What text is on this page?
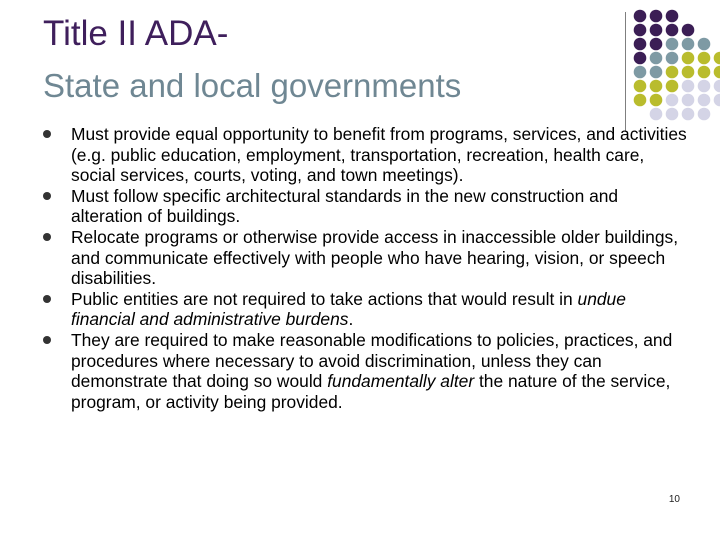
Title II ADA-
State and local governments
Must provide equal opportunity to benefit from programs, services, and activities (e.g. public education, employment, transportation, recreation, health care, social services, courts, voting, and town meetings).
Must follow specific architectural standards in the new construction and alteration of buildings.
Relocate programs or otherwise provide access in inaccessible older buildings, and communicate effectively with people who have hearing, vision, or speech disabilities.
Public entities are not required to take actions that would result in undue financial and administrative burdens.
They are required to make reasonable modifications to policies, practices, and procedures where necessary to avoid discrimination, unless they can demonstrate that doing so would fundamentally alter the nature of the service, program, or activity being provided.
10
